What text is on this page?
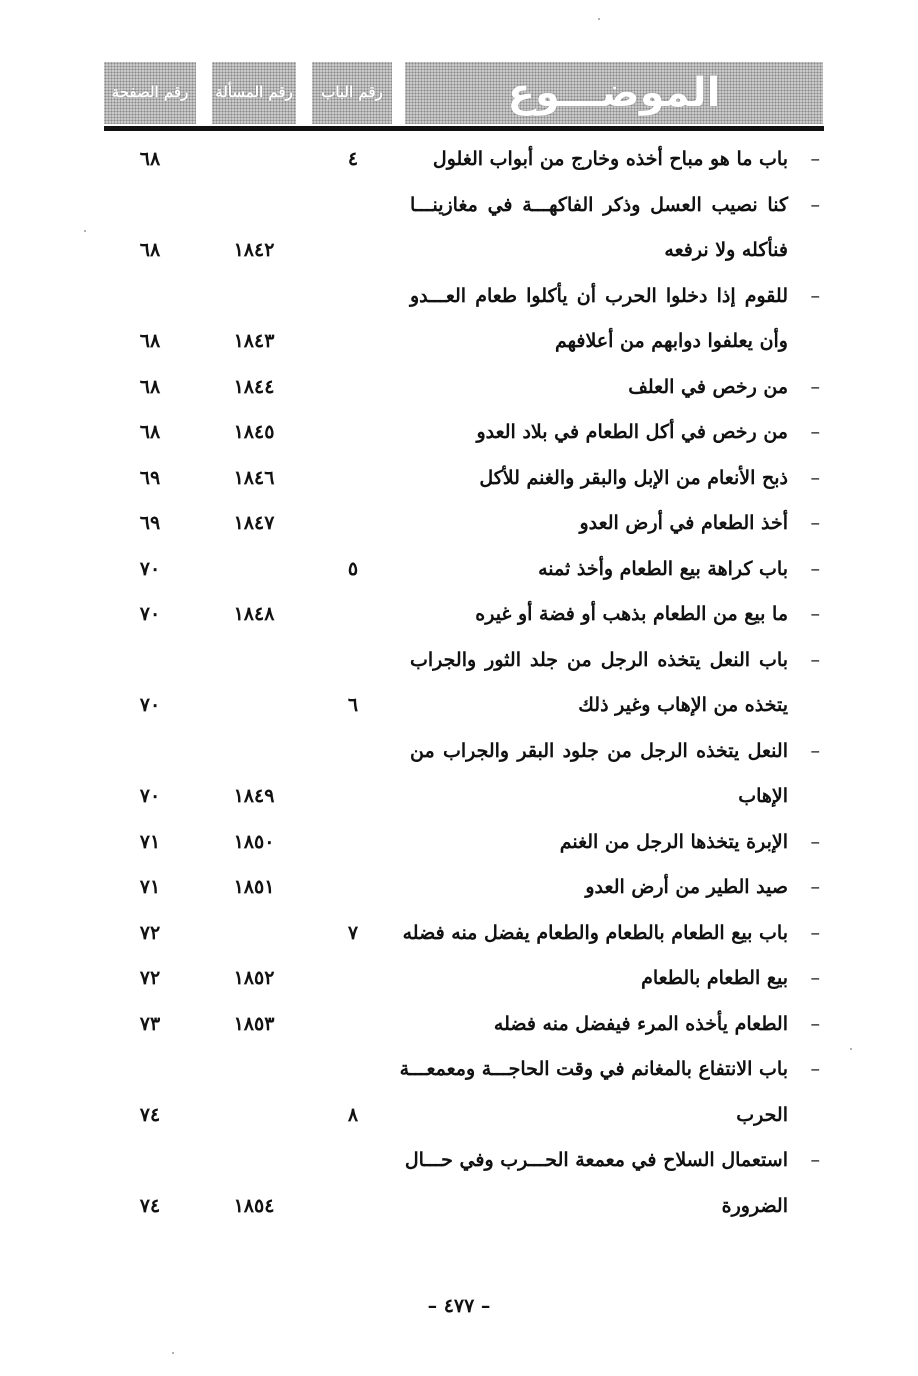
الموضـــوع
رقم الباب
رقم المسألة
رقم الصفحة
–
باب ما هو مباح أخذه وخارج من أبواب الغلول
٤
٦٨
–
كنا نصيب العسل وذكر الفاكهـــة في مغازينـــا
فنأكله ولا نرفعه
١٨٤٢
٦٨
–
للقوم إذا دخلوا الحرب أن يأكلوا طعام العـــدو
وأن يعلفوا دوابهم من أعلافهم
١٨٤٣
٦٨
–
من رخص في العلف
١٨٤٤
٦٨
–
من رخص في أكل الطعام في بلاد العدو
١٨٤٥
٦٨
–
ذبح الأنعام من الإبل والبقر والغنم للأكل
١٨٤٦
٦٩
–
أخذ الطعام في أرض العدو
١٨٤٧
٦٩
–
باب كراهة بيع الطعام وأخذ ثمنه
٥
٧٠
–
ما بيع من الطعام بذهب أو فضة أو غيره
١٨٤٨
٧٠
–
باب النعل يتخذه الرجل من جلد الثور والجراب
يتخذه من الإهاب وغير ذلك
٦
٧٠
–
النعل يتخذه الرجل من جلود البقر والجراب من
الإهاب
١٨٤٩
٧٠
–
الإبرة يتخذها الرجل من الغنم
١٨٥٠
٧١
–
صيد الطير من أرض العدو
١٨٥١
٧١
–
باب بيع الطعام بالطعام والطعام يفضل منه فضله
٧
٧٢
–
بيع الطعام بالطعام
١٨٥٢
٧٢
–
الطعام يأخذه المرء فيفضل منه فضله
١٨٥٣
٧٣
–
باب الانتفاع بالمغانم في وقت الحاجـــة ومعمعـــة
الحرب
٨
٧٤
–
استعمال السلاح في معمعة الحـــرب وفي حـــال
الضرورة
١٨٥٤
٧٤
– ٤٧٧ –
